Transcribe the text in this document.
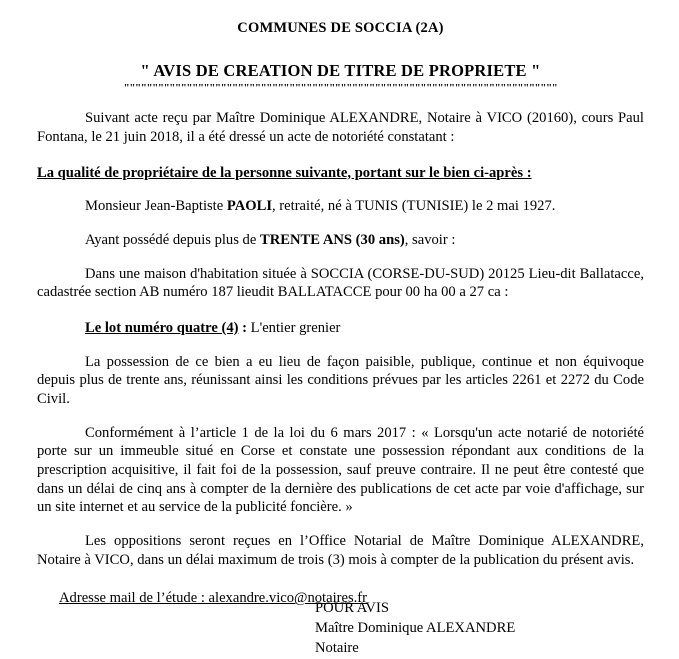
COMMUNES DE SOCCIA (2A)
" AVIS DE CREATION DE TITRE DE PROPRIETE "
""""""""""""""""""""""""""""""""""""""""""""""""""""""""""""""""""""""""""""

Suivant acte reçu par Maître Dominique ALEXANDRE, Notaire à VICO (20160), cours Paul Fontana, le 21 juin 2018, il a été dressé un acte de notoriété constatant :

La qualité de propriétaire de la personne suivante, portant sur le bien ci-après :

Monsieur Jean-Baptiste PAOLI, retraité, né à TUNIS (TUNISIE) le 2 mai 1927.

Ayant possédé depuis plus de TRENTE ANS (30 ans), savoir :

Dans une maison d'habitation située à SOCCIA (CORSE-DU-SUD) 20125 Lieu-dit Ballatacce, cadastrée section AB numéro 187 lieudit BALLATACCE pour 00 ha 00 a 27 ca :

Le lot numéro quatre (4) : L'entier grenier

La possession de ce bien a eu lieu de façon paisible, publique, continue et non équivoque depuis plus de trente ans, réunissant ainsi les conditions prévues par les articles 2261 et 2272 du Code Civil.

Conformément à l’article 1 de la loi du 6 mars 2017 : « Lorsqu'un acte notarié de notoriété porte sur un immeuble situé en Corse et constate une possession répondant aux conditions de la prescription acquisitive, il fait foi de la possession, sauf preuve contraire. Il ne peut être contesté que dans un délai de cinq ans à compter de la dernière des publications de cet acte par voie d'affichage, sur un site internet et au service de la publicité foncière. »

Les oppositions seront reçues en l’Office Notarial de Maître Dominique ALEXANDRE, Notaire à VICO, dans un délai maximum de trois (3) mois à compter de la publication du présent avis.

Adresse mail de l’étude : alexandre.vico@notaires.fr

POUR AVIS
Maître Dominique ALEXANDRE
Notaire
